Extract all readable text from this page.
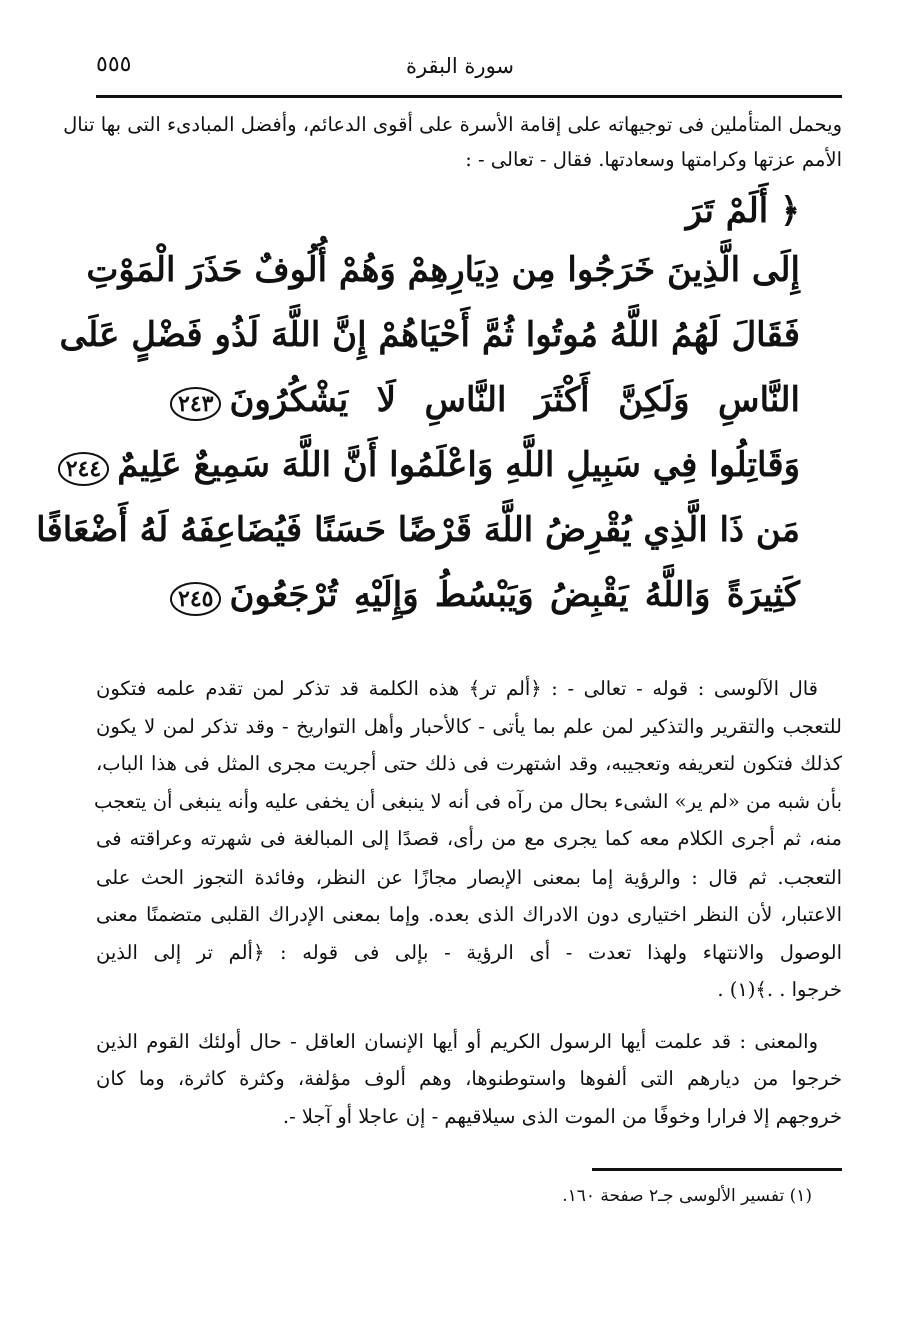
٥٥٥	سورة البقرة
ويحمل المتأملين فى توجيهاته على إقامة الأسرة على أقوى الدعائم، وأفضل المبادىء التى بها تنال
الأمم عزتها وكرامتها وسعادتها. فقال - تعالى - :
﴿ أَلَمْ تَرَ
إِلَى الَّذِينَ خَرَجُوا مِن دِيَارِهِمْ وَهُمْ أُلُوفٌ حَذَرَ الْمَوْتِ
فَقَالَ لَهُمُ اللَّهُ مُوتُوا ثُمَّ أَحْيَاهُمْ إِنَّ اللَّهَ لَذُو فَضْلٍ عَلَى
النَّاسِ وَلَكِنَّ أَكْثَرَ النَّاسِ لَا يَشْكُرُونَ٢٤٣
وَقَاتِلُوا فِي سَبِيلِ اللَّهِ وَاعْلَمُوا أَنَّ اللَّهَ سَمِيعٌ عَلِيمٌ٢٤٤
مَن ذَا الَّذِي يُقْرِضُ اللَّهَ قَرْضًا حَسَنًا فَيُضَاعِفَهُ لَهُ أَضْعَافًا
كَثِيرَةً وَاللَّهُ يَقْبِضُ وَيَبْسُطُ وَإِلَيْهِ تُرْجَعُونَ٢٤٥
قال الآلوسى : قوله - تعالى - : ﴿ألم تر﴾ هذه الكلمة قد تذكر لمن تقدم علمه فتكون
للتعجب والتقرير والتذكير لمن علم بما يأتى - كالأحبار وأهل التواريخ - وقد تذكر لمن لا يكون
كذلك فتكون لتعريفه وتعجيبه، وقد اشتهرت فى ذلك حتى أجريت مجرى المثل فى هذا الباب،
بأن شبه من «لم ير» الشىء بحال من رآه فى أنه لا ينبغى أن يخفى عليه وأنه ينبغى أن يتعجب
منه، ثم أجرى الكلام معه كما يجرى مع من رأى، قصدًا إلى المبالغة فى شهرته وعراقته فى
التعجب. ثم قال : والرؤية إما بمعنى الإبصار مجازًا عن النظر، وفائدة التجوز الحث على
الاعتبار، لأن النظر اختيارى دون الادراك الذى بعده. وإما بمعنى الإدراك القلبى متضمنًا معنى
الوصول والانتهاء ولهذا تعدت - أى الرؤية - بإلى فى قوله : ﴿ألم تر إلى الذين
خرجوا . .﴾(١) .
والمعنى : قد علمت أيها الرسول الكريم أو أيها الإنسان العاقل - حال أولئك القوم الذين
خرجوا من ديارهم التى ألفوها واستوطنوها، وهم ألوف مؤلفة، وكثرة كاثرة، وما كان
خروجهم إلا فرارا وخوفًا من الموت الذى سيلاقيهم - إن عاجلا أو آجلا -.
(١) تفسير الألوسى جـ٢ صفحة ١٦٠.
